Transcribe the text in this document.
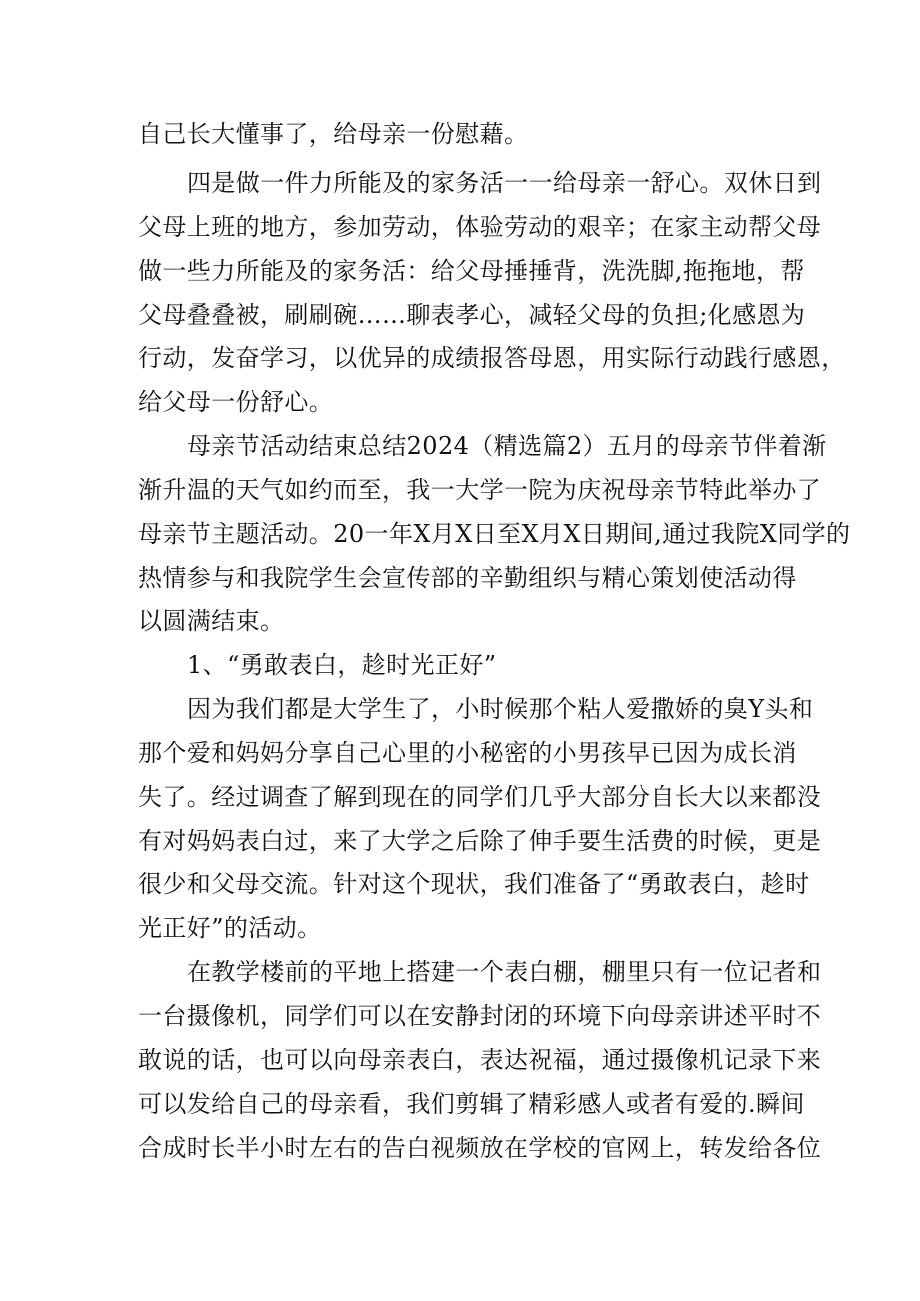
自己长大懂事了，给母亲一份慰藉。
四是做一件力所能及的家务活一一给母亲一舒心。双休日到
父母上班的地方，参加劳动，体验劳动的艰辛；在家主动帮父母
做一些力所能及的家务活：给父母捶捶背，洗洗脚,拖拖地，帮
父母叠叠被，刷刷碗……聊表孝心，减轻父母的负担;化感恩为
行动，发奋学习，以优异的成绩报答母恩，用实际行动践行感恩，
给父母一份舒心。
母亲节活动结束总结2024（精选篇2）五月的母亲节伴着渐
渐升温的天气如约而至，我一大学一院为庆祝母亲节特此举办了
母亲节主题活动。20一年X月X日至X月X日期间,通过我院X同学的
热情参与和我院学生会宣传部的辛勤组织与精心策划使活动得
以圆满结束。
1、“勇敢表白，趁时光正好”
因为我们都是大学生了，小时候那个粘人爱撒娇的臭Y头和
那个爱和妈妈分享自己心里的小秘密的小男孩早已因为成长消
失了。经过调查了解到现在的同学们几乎大部分自长大以来都没
有对妈妈表白过，来了大学之后除了伸手要生活费的时候，更是
很少和父母交流。针对这个现状，我们准备了“勇敢表白，趁时
光正好”的活动。
在教学楼前的平地上搭建一个表白棚，棚里只有一位记者和
一台摄像机，同学们可以在安静封闭的环境下向母亲讲述平时不
敢说的话，也可以向母亲表白，表达祝福，通过摄像机记录下来
可以发给自己的母亲看，我们剪辑了精彩感人或者有爱的.瞬间
合成时长半小时左右的告白视频放在学校的官网上，转发给各位
